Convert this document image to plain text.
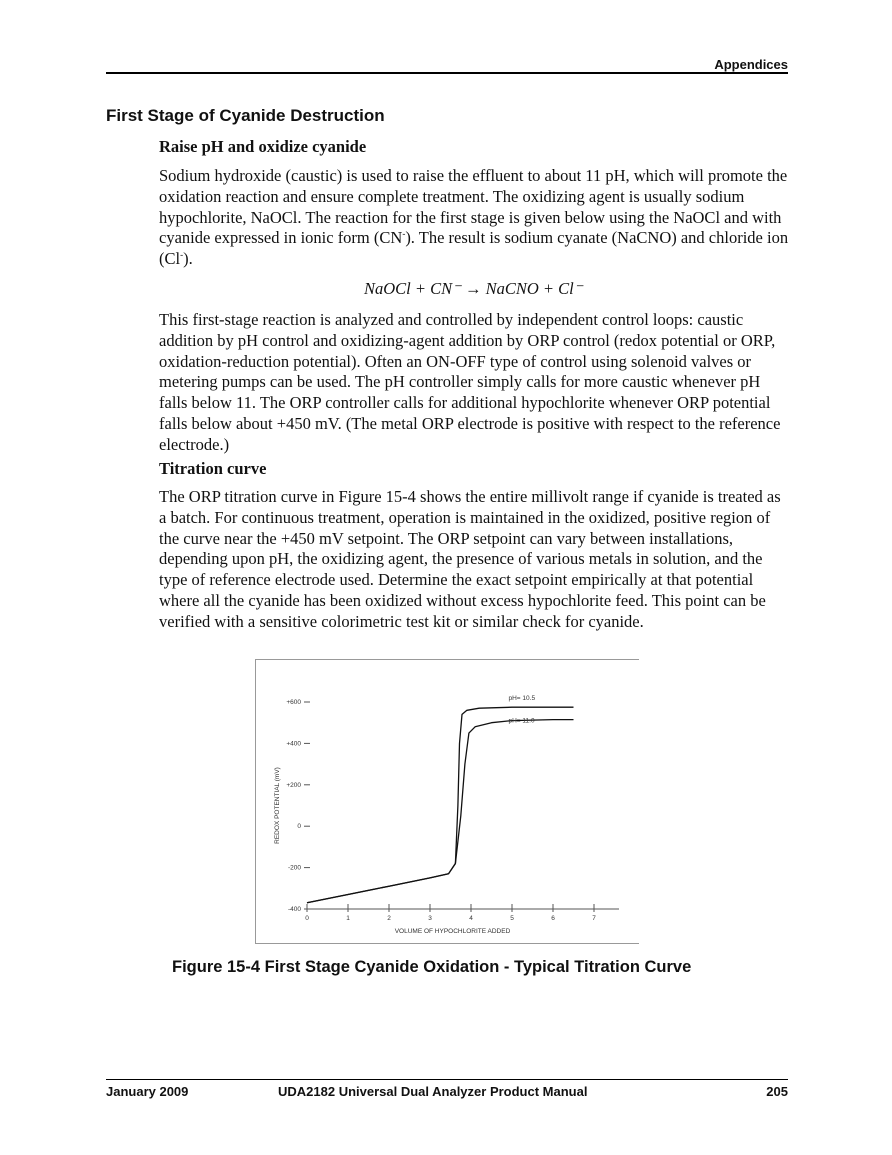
Appendices
First Stage of Cyanide Destruction
Raise pH and oxidize cyanide

Sodium hydroxide (caustic) is used to raise the effluent to about 11 pH, which will promote the oxidation reaction and ensure complete treatment. The oxidizing agent is usually sodium hypochlorite, NaOCl. The reaction for the first stage is given below using the NaOCl and with cyanide expressed in ionic form (CN-). The result is sodium cyanate (NaCNO) and chloride ion (Cl-).

NaOCl + CN⁻ → NaCNO + Cl⁻

This first-stage reaction is analyzed and controlled by independent control loops: caustic addition by pH control and oxidizing-agent addition by ORP control (redox potential or ORP, oxidation-reduction potential). Often an ON-OFF type of control using solenoid valves or metering pumps can be used. The pH controller simply calls for more caustic whenever pH falls below 11. The ORP controller calls for additional hypochlorite whenever ORP potential falls below about +450 mV. (The metal ORP electrode is positive with respect to the reference electrode.)

Titration curve

The ORP titration curve in Figure 15-4 shows the entire millivolt range if cyanide is treated as a batch. For continuous treatment, operation is maintained in the oxidized, positive region of the curve near the +450 mV setpoint. The ORP setpoint can vary between installations, depending upon pH, the oxidizing agent, the presence of various metals in solution, and the type of reference electrode used. Determine the exact setpoint empirically at that potential where all the cyanide has been oxidized without excess hypochlorite feed. This point can be verified with a sensitive colorimetric test kit or similar check for cyanide.

+600
+400
+200
0
-200
-400
0	1	2	3	4	5	6	7
VOLUME OF HYPOCHLORITE ADDED
REDOX POTENTIAL (mV)
pH= 10.5
pH= 11.0
Figure 15-4 First Stage Cyanide Oxidation - Typical Titration Curve
January 2009	UDA2182 Universal Dual Analyzer Product Manual	205
